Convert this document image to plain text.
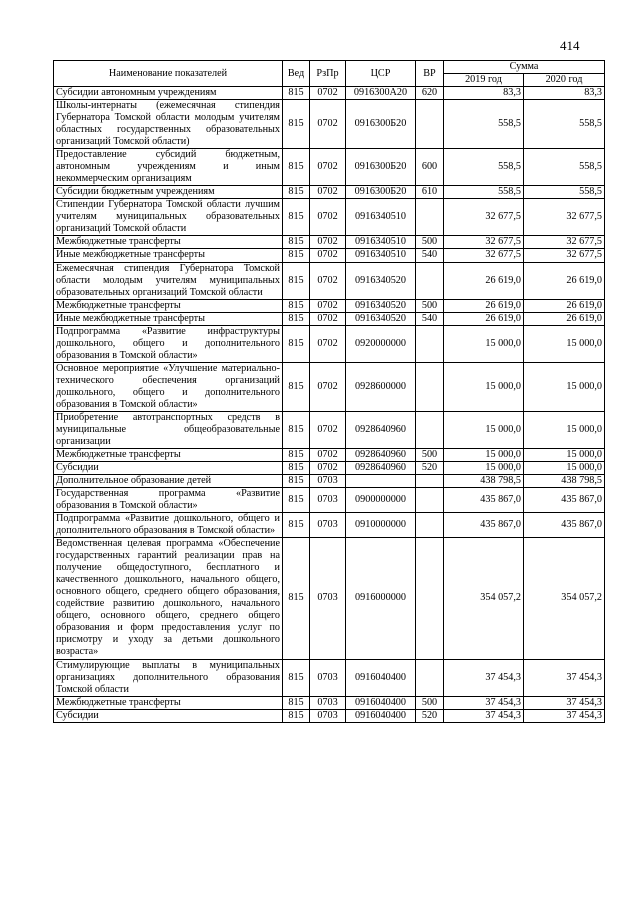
414
Наименование показателей	Вед	РзПр	ЦСР	ВР	Сумма	
					2019 год	2020 год
Субсидии автономным учреждениям	815	0702	0916300А20	620	83,3	83,3
Школы-интернаты (ежемесячная стипендия Губернатора Томской области молодым учителям областных государственных образовательных организаций Томской области)	815	0702	0916300Б20		558,5	558,5
Предоставление субсидий бюджетным, автономным учреждениям и иным некоммерческим организациям	815	0702	0916300Б20	600	558,5	558,5
Субсидии бюджетным учреждениям	815	0702	0916300Б20	610	558,5	558,5
Стипендии Губернатора Томской области лучшим учителям муниципальных образовательных организаций Томской области	815	0702	0916340510		32 677,5	32 677,5
Межбюджетные трансферты	815	0702	0916340510	500	32 677,5	32 677,5
Иные межбюджетные трансферты	815	0702	0916340510	540	32 677,5	32 677,5
Ежемесячная стипендия Губернатора Томской области молодым учителям муниципальных образовательных организаций Томской области	815	0702	0916340520		26 619,0	26 619,0
Межбюджетные трансферты	815	0702	0916340520	500	26 619,0	26 619,0
Иные межбюджетные трансферты	815	0702	0916340520	540	26 619,0	26 619,0
Подпрограмма «Развитие инфраструктуры дошкольного, общего и дополнительного образования в Томской области»	815	0702	0920000000		15 000,0	15 000,0
Основное мероприятие «Улучшение материально-технического обеспечения организаций дошкольного, общего и дополнительного образования в Томской области»	815	0702	0928600000		15 000,0	15 000,0
Приобретение автотранспортных средств в муниципальные общеобразовательные организации	815	0702	0928640960		15 000,0	15 000,0
Межбюджетные трансферты	815	0702	0928640960	500	15 000,0	15 000,0
Субсидии	815	0702	0928640960	520	15 000,0	15 000,0
Дополнительное образование детей	815	0703			438 798,5	438 798,5
Государственная программа «Развитие образования в Томской области»	815	0703	0900000000		435 867,0	435 867,0
Подпрограмма «Развитие дошкольного, общего и дополнительного образования в Томской области»	815	0703	0910000000		435 867,0	435 867,0
Ведомственная целевая программа «Обеспечение государственных гарантий реализации прав на получение общедоступного, бесплатного и качественного дошкольного, начального общего, основного общего, среднего общего образования, содействие развитию дошкольного, начального общего, основного общего, среднего общего образования и форм предоставления услуг по присмотру и уходу за детьми дошкольного возраста»	815	0703	0916000000		354 057,2	354 057,2
Стимулирующие выплаты в муниципальных организациях дополнительного образования Томской области	815	0703	0916040400		37 454,3	37 454,3
Межбюджетные трансферты	815	0703	0916040400	500	37 454,3	37 454,3
Субсидии	815	0703	0916040400	520	37 454,3	37 454,3
